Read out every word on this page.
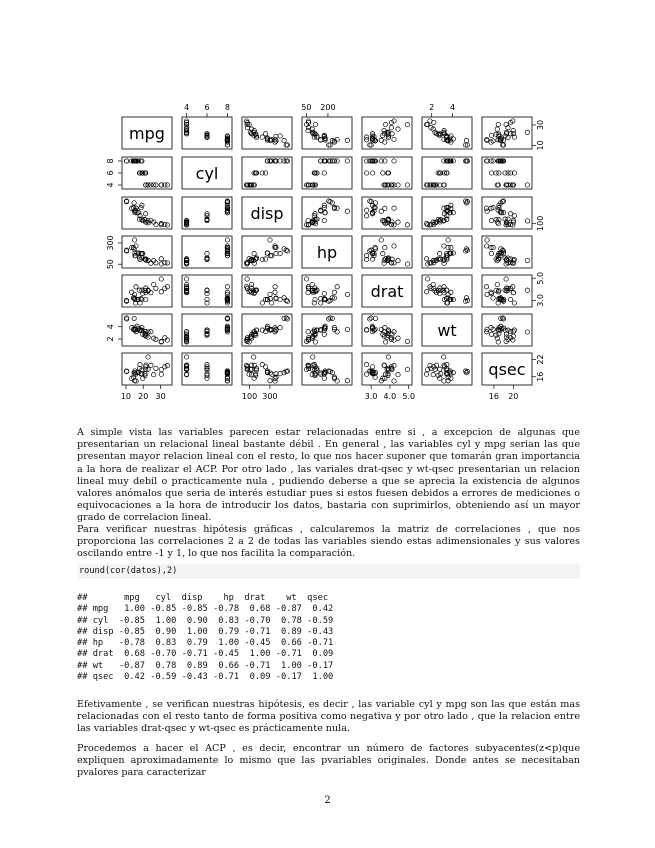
mpg
cyl
disp
hp
drat
wt
qsec
10 20 30
4 6 8
100 300
50 200
3.0 4.0 5.0
2 4
16 20
10
30
4
6
8
100
50
300
3.0
5.0
2
4
16
22

A simple vista las variables parecen estar relacionadas entre si , a excepcion de algunas que presentarian un relacional lineal bastante débil . En general , las variables cyl y mpg serian las que presentan mayor relacion lineal con el resto, lo que nos hacer suponer que tomarán gran importancia a la hora de realizar el ACP. Por otro lado , las variales drat-qsec y wt-qsec presentarian un relacion lineal muy debil o practicamente nula , pudiendo deberse a que se aprecia la existencia de algunos valores anómalos que seria de interés estudiar pues si estos fuesen debidos a errores de mediciones o equivocaciones a la hora de introducir los datos, bastaria con suprimirlos, obteniendo así un mayor grado de correlacion lineal.

Para verificar nuestras hipótesis gráficas , calcularemos la matriz de correlaciones , que nos proporciona las correlaciones 2 a 2 de todas las variables siendo estas adimensionales y sus valores oscilando entre -1 y 1, lo que nos facilita la comparación.

round(cor(datos),2)
##       mpg   cyl  disp    hp  drat    wt  qsec
## mpg   1.00 -0.85 -0.85 -0.78  0.68 -0.87  0.42
## cyl  -0.85  1.00  0.90  0.83 -0.70  0.78 -0.59
## disp -0.85  0.90  1.00  0.79 -0.71  0.89 -0.43
## hp   -0.78  0.83  0.79  1.00 -0.45  0.66 -0.71
## drat  0.68 -0.70 -0.71 -0.45  1.00 -0.71  0.09
## wt   -0.87  0.78  0.89  0.66 -0.71  1.00 -0.17
## qsec  0.42 -0.59 -0.43 -0.71  0.09 -0.17  1.00

Efetivamente , se verifican nuestras hipótesis, es decir , las variable cyl y mpg son las que están mas relacionadas con el resto tanto de forma positiva como negativa y por otro lado , que la relacion entre las variables drat-qsec y wt-qsec es prácticamente nula.

Procedemos a hacer el ACP , es decir, encontrar un número de factores subyacentes(z<p)que expliquen aproximadamente lo mismo que las pvariables originales. Donde antes se necesitaban pvalores para caracterizar

2
